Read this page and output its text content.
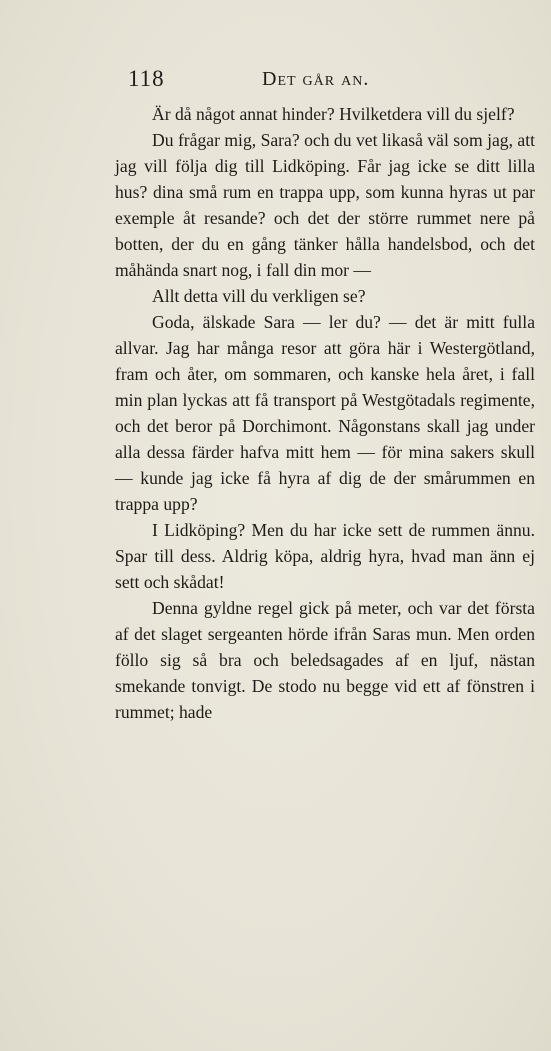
118	Det går an.

Är då något annat hinder? Hvilketdera vill du sjelf?

Du frågar mig, Sara? och du vet likaså väl som jag, att jag vill följa dig till Lidköping. Får jag icke se ditt lilla hus? dina små rum en trappa upp, som kunna hyras ut par exemple åt resande? och det der större rummet nere på botten, der du en gång tänker hålla handelsbod, och det måhända snart nog, i fall din mor —

Allt detta vill du verkligen se?

Goda, älskade Sara — ler du? — det är mitt fulla allvar. Jag har många resor att göra här i Westergötland, fram och åter, om sommaren, och kanske hela året, i fall min plan lyckas att få transport på Westgötadals regimente, och det beror på Dorchimont. Någonstans skall jag under alla dessa färder hafva mitt hem — för mina sakers skull — kunde jag icke få hyra af dig de der smårummen en trappa upp?

I Lidköping? Men du har icke sett de rummen ännu. Spar till dess. Aldrig köpa, aldrig hyra, hvad man änn ej sett och skådat!

Denna gyldne regel gick på meter, och var det första af det slaget sergeanten hörde ifrån Saras mun. Men orden föllo sig så bra och beledsagades af en ljuf, nästan smekande tonvigt. De stodo nu begge vid ett af fönstren i rummet; hade
